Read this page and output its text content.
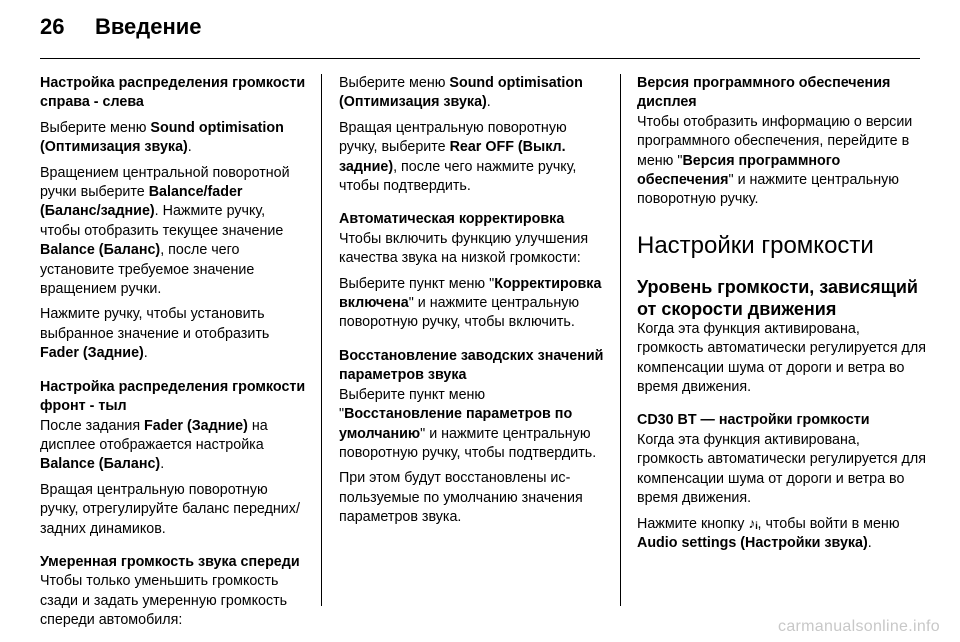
26 Введение

Настройка распределения громкости справа - слева

Выберите меню Sound optimisation (Оптимизация звука).

Вращением центральной поворотной ручки выберите Balance/fader (Баланс/задние). Нажмите ручку, чтобы отобразить текущее значение Balance (Баланс), после чего установите требуемое значение вращением ручки.

Нажмите ручку, чтобы установить выбранное значение и отобразить Fader (Задние).

Настройка распределения громкости фронт - тыл

После задания Fader (Задние) на дисплее отображается настройка Balance (Баланс).

Вращая центральную поворотную ручку, отрегулируйте баланс передних/задних динамиков.

Умеренная громкость звука спереди

Чтобы только уменьшить громкость сзади и задать умеренную громкость спереди автомобиля:

Выберите меню Sound optimisation (Оптимизация звука).

Вращая центральную поворотную ручку, выберите Rear OFF (Выкл. задние), после чего нажмите ручку, чтобы подтвердить.

Автоматическая корректировка

Чтобы включить функцию улучшения качества звука на низкой громкости:

Выберите пункт меню "Корректировка включена" и нажмите центральную поворотную ручку, чтобы включить.

Восстановление заводских значений параметров звука

Выберите пункт меню "Восстановление параметров по умолчанию" и нажмите центральную поворотную ручку, чтобы подтвердить.

При этом будут восстановлены используемые по умолчанию значения параметров звука.

Версия программного обеспечения дисплея

Чтобы отобразить информацию о версии программного обеспечения, перейдите в меню "Версия программного обеспечения" и нажмите центральную поворотную ручку.

Настройки громкости

Уровень громкости, зависящий от скорости движения

Когда эта функция активирована, громкость автоматически регулируется для компенсации шума от дороги и ветра во время движения.

CD30 BT — настройки громкости

Когда эта функция активирована, громкость автоматически регулируется для компенсации шума от дороги и ветра во время движения.

Нажмите кнопку ♪ᵢ, чтобы войти в меню Audio settings (Настройки звука).

carmanualsonline.info
